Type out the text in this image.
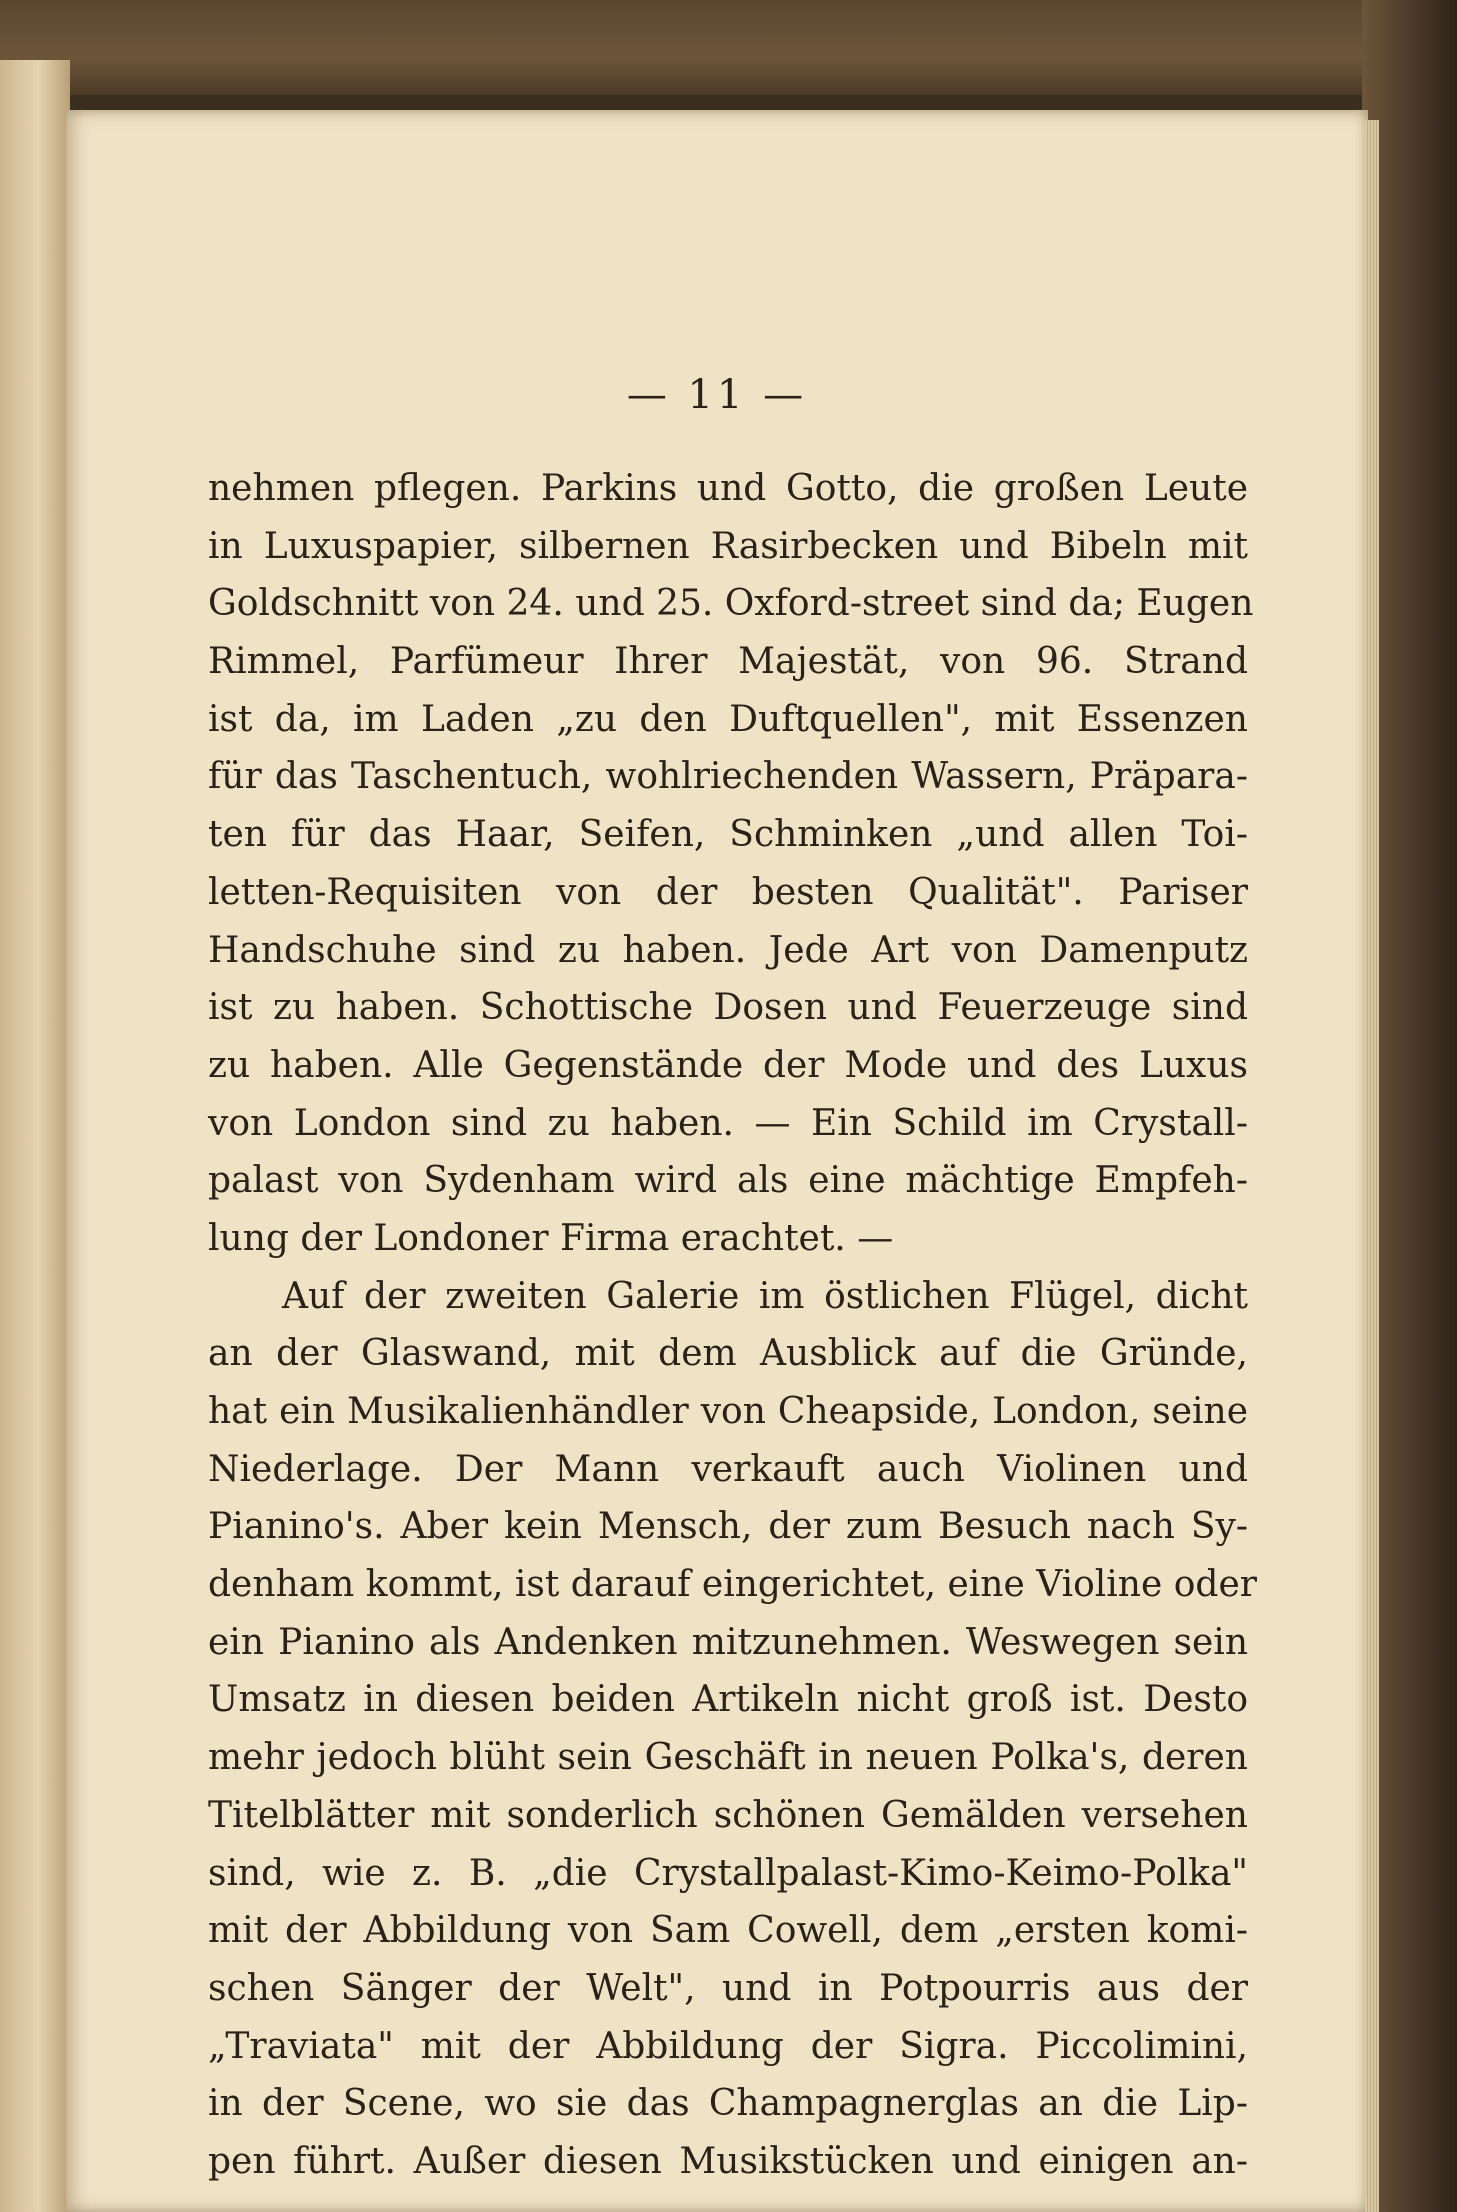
— 11 —
nehmen pflegen. Parkins und Gotto, die großen Leute
in Luxuspapier, silbernen Rasirbecken und Bibeln mit
Goldschnitt von 24. und 25. Oxford-street sind da; Eugen
Rimmel, Parfümeur Ihrer Majestät, von 96. Strand
ist da, im Laden „zu den Duftquellen", mit Essenzen
für das Taschentuch, wohlriechenden Wassern, Präpara-
ten für das Haar, Seifen, Schminken „und allen Toi-
letten-Requisiten von der besten Qualität". Pariser
Handschuhe sind zu haben. Jede Art von Damenputz
ist zu haben. Schottische Dosen und Feuerzeuge sind
zu haben. Alle Gegenstände der Mode und des Luxus
von London sind zu haben. — Ein Schild im Crystall-
palast von Sydenham wird als eine mächtige Empfeh-
lung der Londoner Firma erachtet. —
Auf der zweiten Galerie im östlichen Flügel, dicht
an der Glaswand, mit dem Ausblick auf die Gründe,
hat ein Musikalienhändler von Cheapside, London, seine
Niederlage. Der Mann verkauft auch Violinen und
Pianino's. Aber kein Mensch, der zum Besuch nach Sy-
denham kommt, ist darauf eingerichtet, eine Violine oder
ein Pianino als Andenken mitzunehmen. Weswegen sein
Umsatz in diesen beiden Artikeln nicht groß ist. Desto
mehr jedoch blüht sein Geschäft in neuen Polka's, deren
Titelblätter mit sonderlich schönen Gemälden versehen
sind, wie z. B. „die Crystallpalast-Kimo-Keimo-Polka"
mit der Abbildung von Sam Cowell, dem „ersten komi-
schen Sänger der Welt", und in Potpourris aus der
„Traviata" mit der Abbildung der Sigra. Piccolimini,
in der Scene, wo sie das Champagnerglas an die Lip-
pen führt. Außer diesen Musikstücken und einigen an-
